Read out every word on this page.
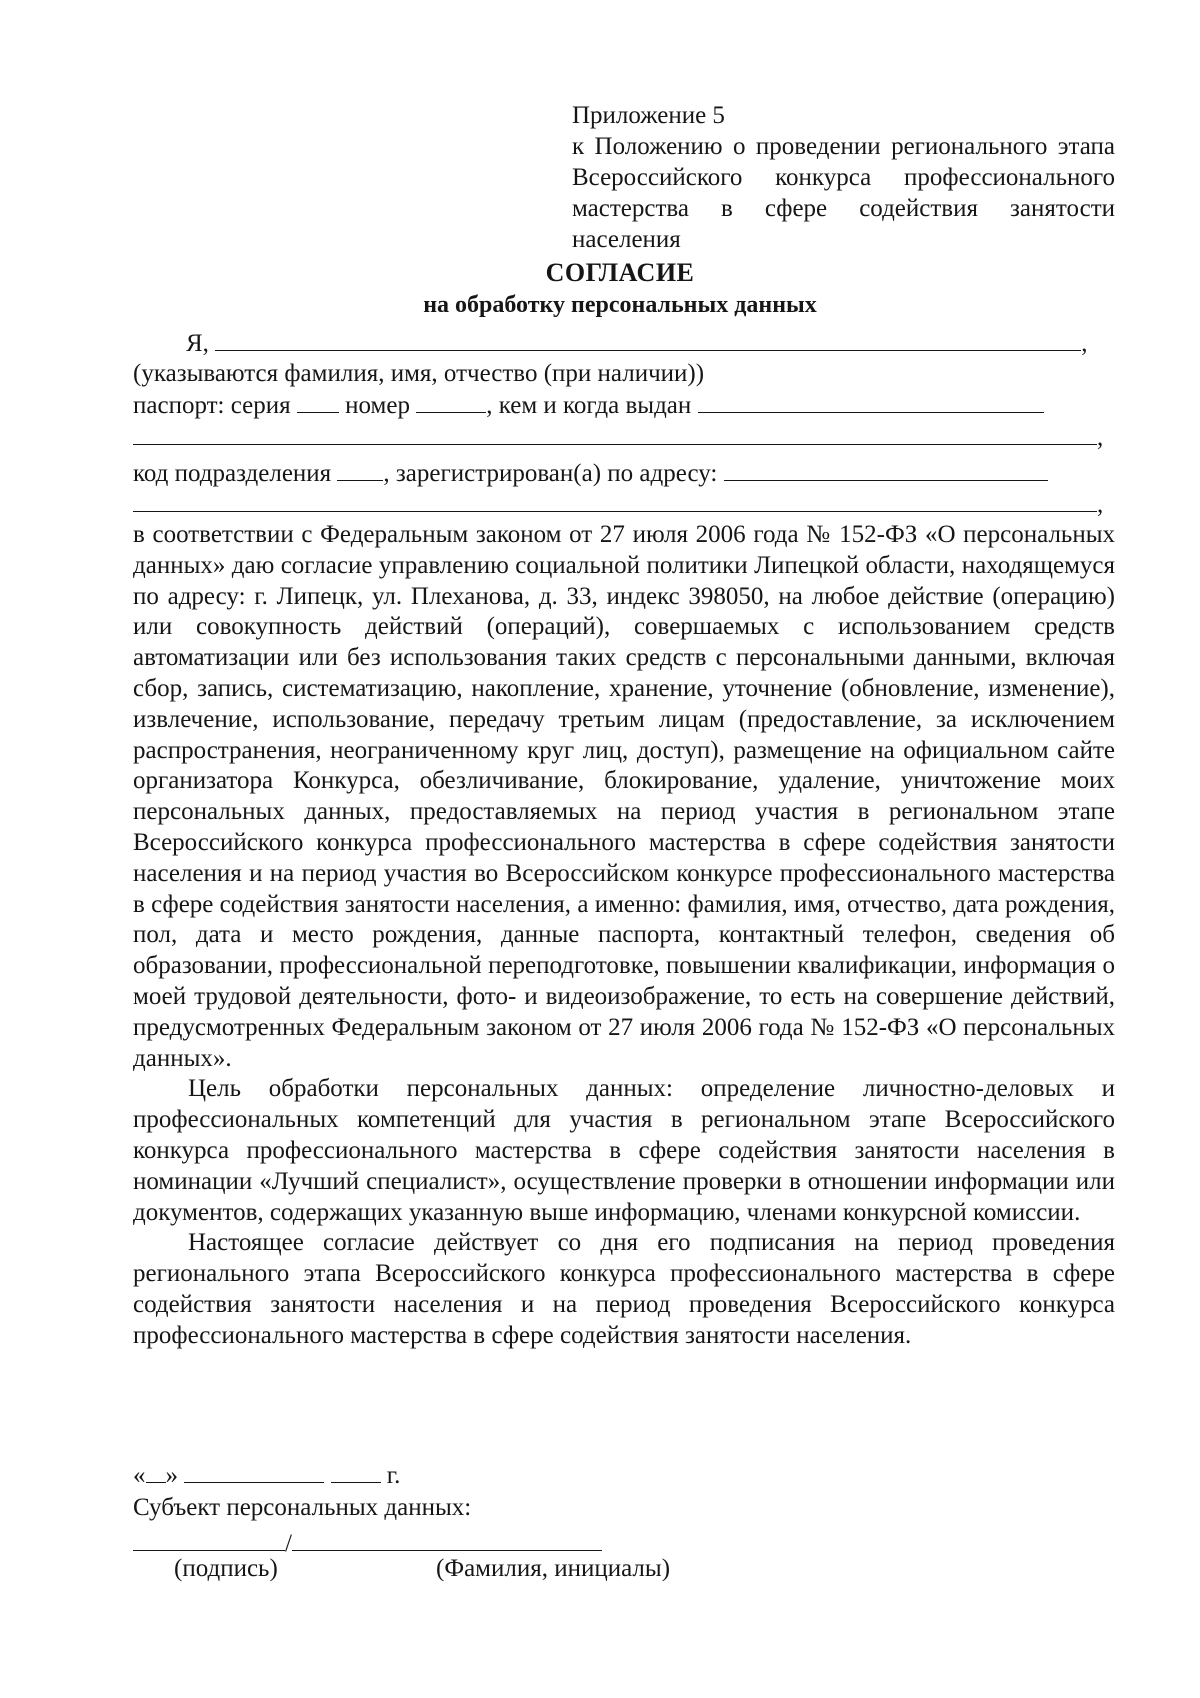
Приложение 5
к Положению о проведении регионального этапа Всероссийского конкурса профессионального мастерства в сфере содействия занятости населения
СОГЛАСИЕ
на обработку персональных данных
Я,	,
(указываются фамилия, имя, отчество (при наличии))
паспорт: серия номер	, кем и когда выдан
,
код подразделения , зарегистрирован(а) по адресу:
,

в соответствии с Федеральным законом от 27 июля 2006 года № 152-ФЗ «О персональных данных» даю согласие управлению социальной политики Липецкой области, находящемуся по адресу: г. Липецк, ул. Плеханова, д. 33, индекс 398050, на любое действие (операцию) или совокупность действий (операций), совершаемых с использованием средств автоматизации или без использования таких средств с персональными данными, включая сбор, запись, систематизацию, накопление, хранение, уточнение (обновление, изменение), извлечение, использование, передачу третьим лицам (предоставление, за исключением распространения, неограниченному круг лиц, доступ), размещение на официальном сайте организатора Конкурса, обезличивание, блокирование, удаление, уничтожение моих персональных данных, предоставляемых на период участия в региональном этапе Всероссийского конкурса профессионального мастерства в сфере содействия занятости населения и на период участия во Всероссийском конкурсе профессионального мастерства в сфере содействия занятости населения, а именно: фамилия, имя, отчество, дата рождения, пол, дата и место рождения, данные паспорта, контактный телефон, сведения об образовании, профессиональной переподготовке, повышении квалификации, информация о моей трудовой деятельности, фото- и видеоизображение, то есть на совершение действий, предусмотренных Федеральным законом от 27 июля 2006 года № 152-ФЗ «О персональных данных».

Цель обработки персональных данных: определение личностно-деловых и профессиональных компетенций для участия в региональном этапе Всероссийского конкурса профессионального мастерства в сфере содействия занятости населения в номинации «Лучший специалист», осуществление проверки в отношении информации или документов, содержащих указанную выше информацию, членами конкурсной комиссии.

Настоящее согласие действует со дня его подписания на период проведения регионального этапа Всероссийского конкурса профессионального мастерства в сфере содействия занятости населения и на период проведения Всероссийского конкурса профессионального мастерства в сфере содействия занятости населения.

« »	г.
Субъект персональных данных:
/
(подпись)	(Фамилия, инициалы)
